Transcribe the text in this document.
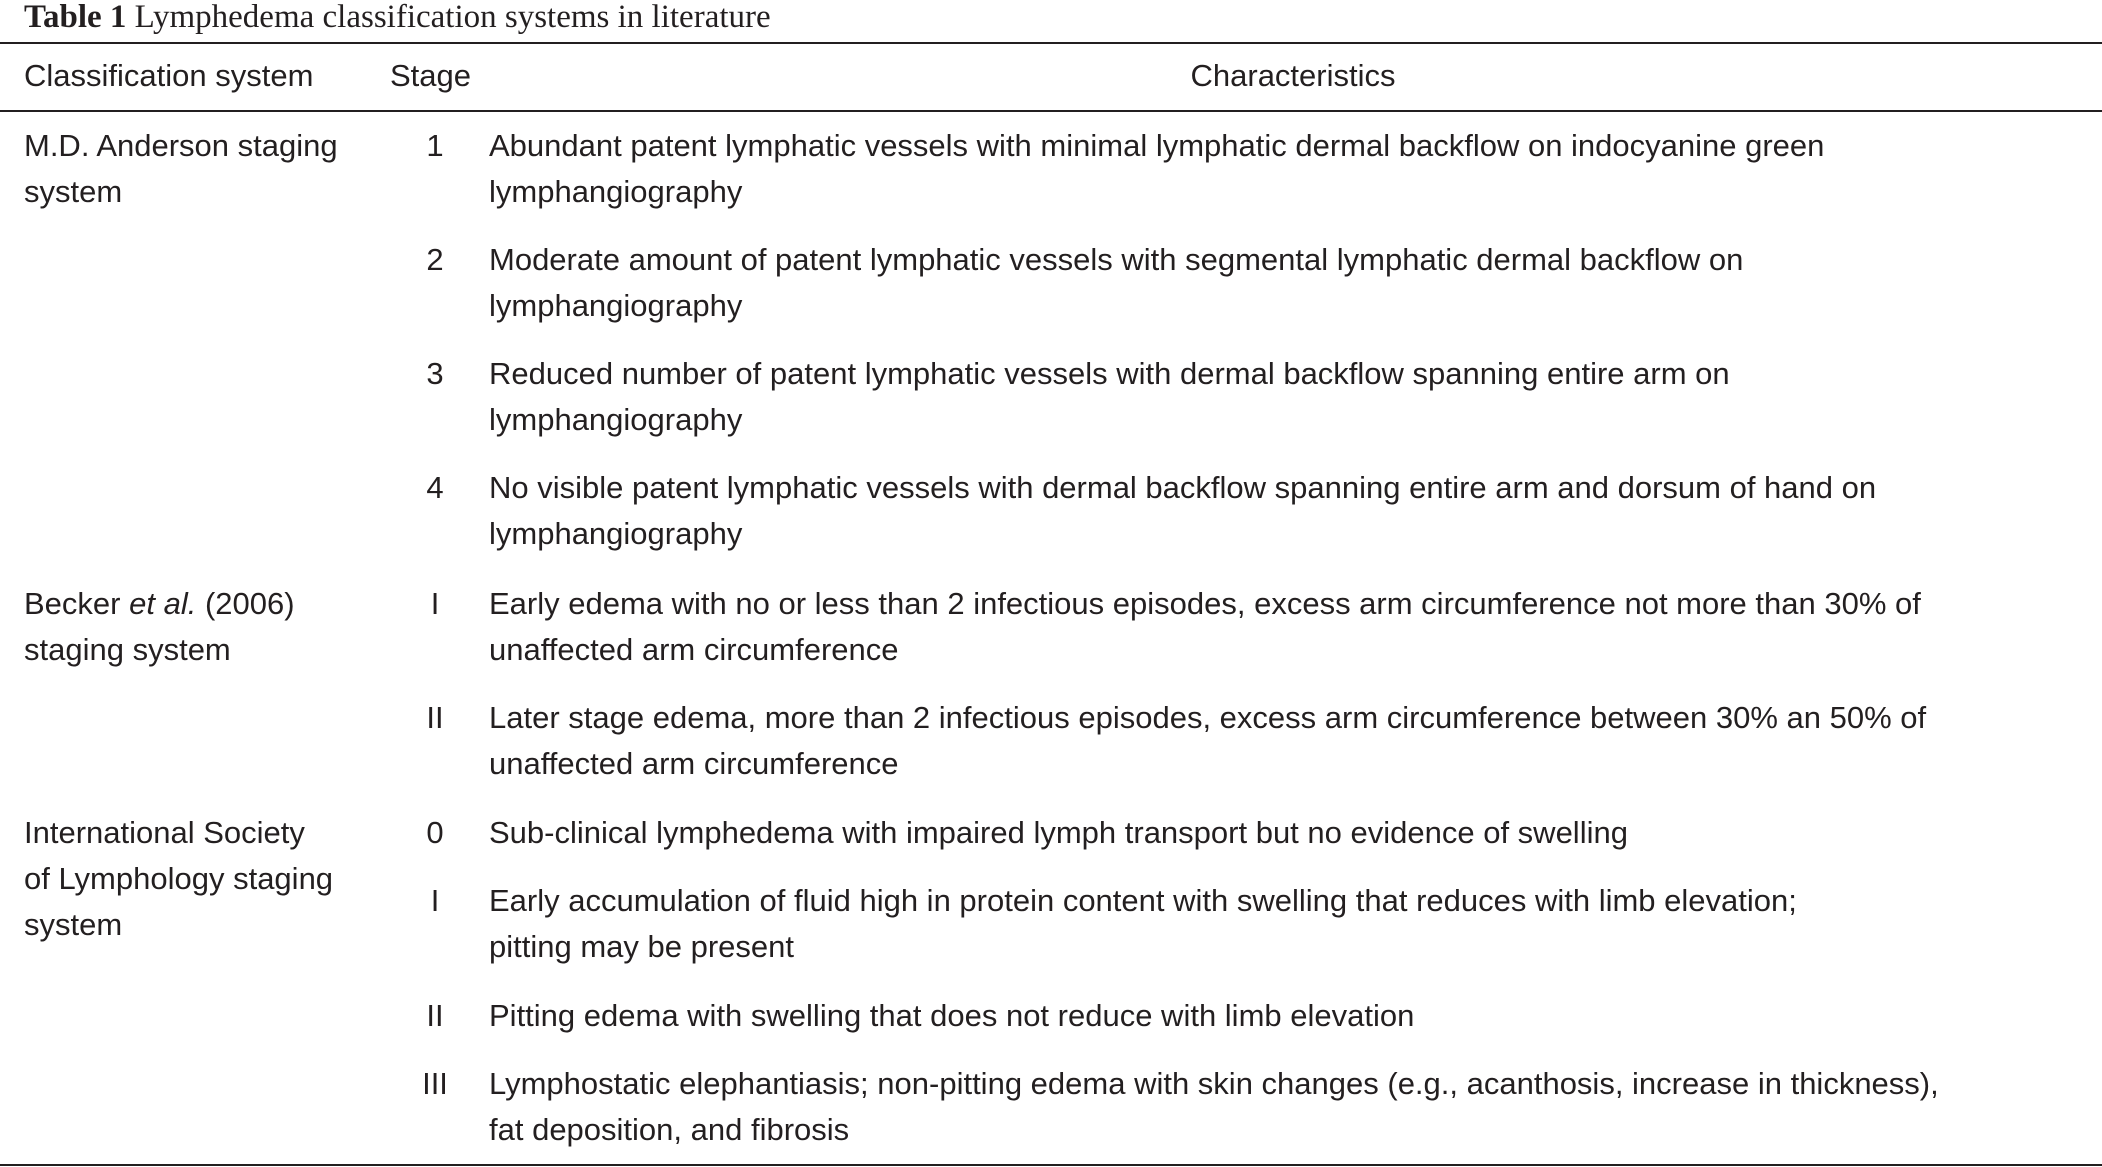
Table 1 Lymphedema classification systems in literature
Classification system Stage	Characteristics
M.D. Anderson staging
system
1	Abundant patent lymphatic vessels with minimal lymphatic dermal backflow on indocyanine green
lymphangiography
2	Moderate amount of patent lymphatic vessels with segmental lymphatic dermal backflow on
lymphangiography
3	Reduced number of patent lymphatic vessels with dermal backflow spanning entire arm on
lymphangiography
4	No visible patent lymphatic vessels with dermal backflow spanning entire arm and dorsum of hand on
lymphangiography
Becker et al. (2006)
staging system
I	Early edema with no or less than 2 infectious episodes, excess arm circumference not more than 30% of
unaffected arm circumference
II	Later stage edema, more than 2 infectious episodes, excess arm circumference between 30% an 50% of
unaffected arm circumference
International Society
of Lymphology staging
system
0	Sub-clinical lymphedema with impaired lymph transport but no evidence of swelling
I	Early accumulation of fluid high in protein content with swelling that reduces with limb elevation;
pitting may be present
II	Pitting edema with swelling that does not reduce with limb elevation
III	Lymphostatic elephantiasis; non-pitting edema with skin changes (e.g., acanthosis, increase in thickness),
fat deposition, and fibrosis
